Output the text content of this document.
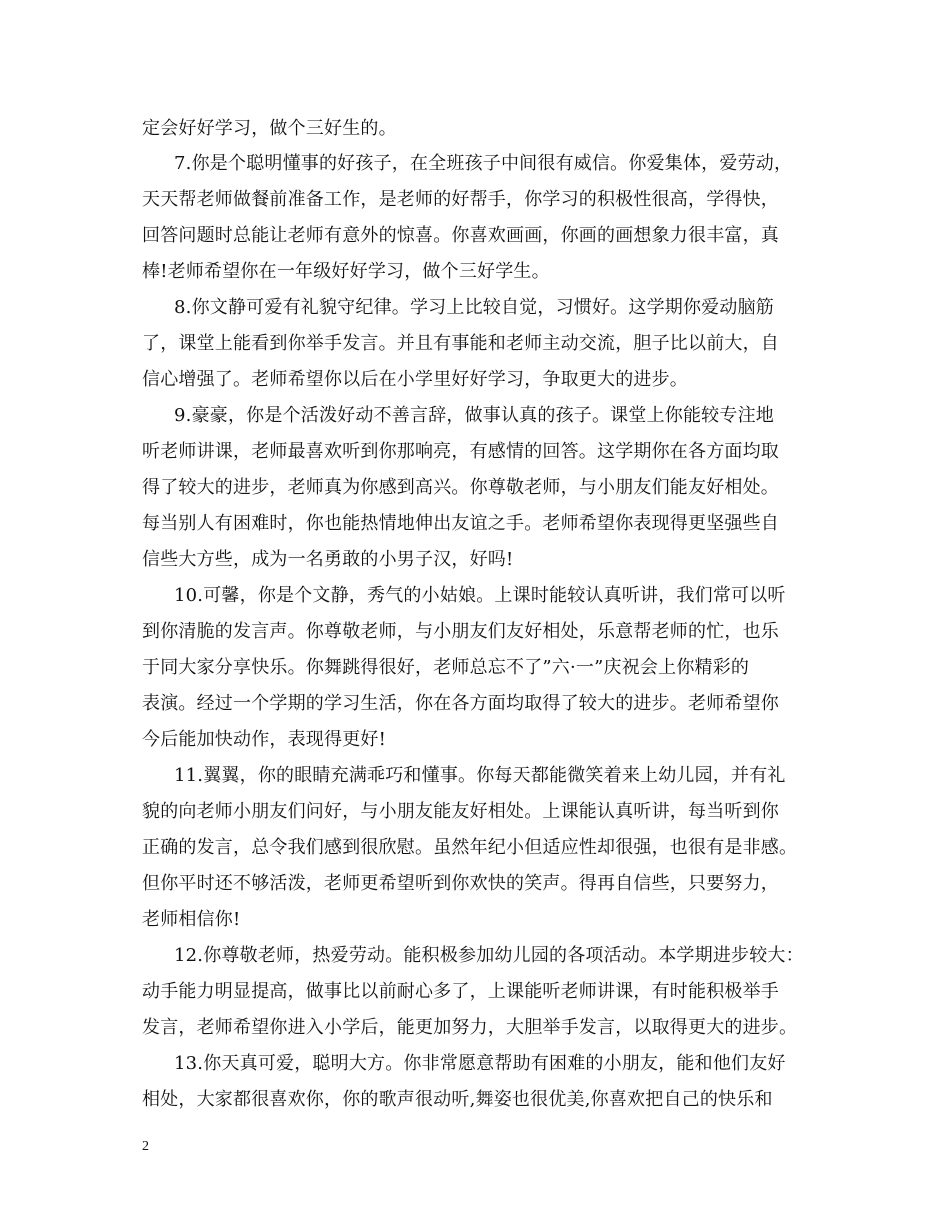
定会好好学习，做个三好生的。
7.你是个聪明懂事的好孩子，在全班孩子中间很有威信。你爱集体，爱劳动，
天天帮老师做餐前准备工作，是老师的好帮手，你学习的积极性很高，学得快，
回答问题时总能让老师有意外的惊喜。你喜欢画画，你画的画想象力很丰富，真
棒!老师希望你在一年级好好学习，做个三好学生。
8.你文静可爱有礼貌守纪律。学习上比较自觉，习惯好。这学期你爱动脑筋
了，课堂上能看到你举手发言。并且有事能和老师主动交流，胆子比以前大，自
信心增强了。老师希望你以后在小学里好好学习，争取更大的进步。
9.豪豪，你是个活泼好动不善言辞，做事认真的孩子。课堂上你能较专注地
听老师讲课，老师最喜欢听到你那响亮，有感情的回答。这学期你在各方面均取
得了较大的进步，老师真为你感到高兴。你尊敬老师，与小朋友们能友好相处。
每当别人有困难时，你也能热情地伸出友谊之手。老师希望你表现得更坚强些自
信些大方些，成为一名勇敢的小男子汉，好吗!
10.可馨，你是个文静，秀气的小姑娘。上课时能较认真听讲，我们常可以听
到你清脆的发言声。你尊敬老师，与小朋友们友好相处，乐意帮老师的忙，也乐
于同大家分享快乐。你舞跳得很好，老师总忘不了”六·一”庆祝会上你精彩的
表演。经过一个学期的学习生活，你在各方面均取得了较大的进步。老师希望你
今后能加快动作，表现得更好!
11.翼翼，你的眼睛充满乖巧和懂事。你每天都能微笑着来上幼儿园，并有礼
貌的向老师小朋友们问好，与小朋友能友好相处。上课能认真听讲，每当听到你
正确的发言，总令我们感到很欣慰。虽然年纪小但适应性却很强，也很有是非感。
但你平时还不够活泼，老师更希望听到你欢快的笑声。得再自信些，只要努力，
老师相信你!
12.你尊敬老师，热爱劳动。能积极参加幼儿园的各项活动。本学期进步较大：
动手能力明显提高，做事比以前耐心多了，上课能听老师讲课，有时能积极举手
发言，老师希望你进入小学后，能更加努力，大胆举手发言，以取得更大的进步。
13.你天真可爱，聪明大方。你非常愿意帮助有困难的小朋友，能和他们友好
相处，大家都很喜欢你，你的歌声很动听,舞姿也很优美,你喜欢把自己的快乐和
2
